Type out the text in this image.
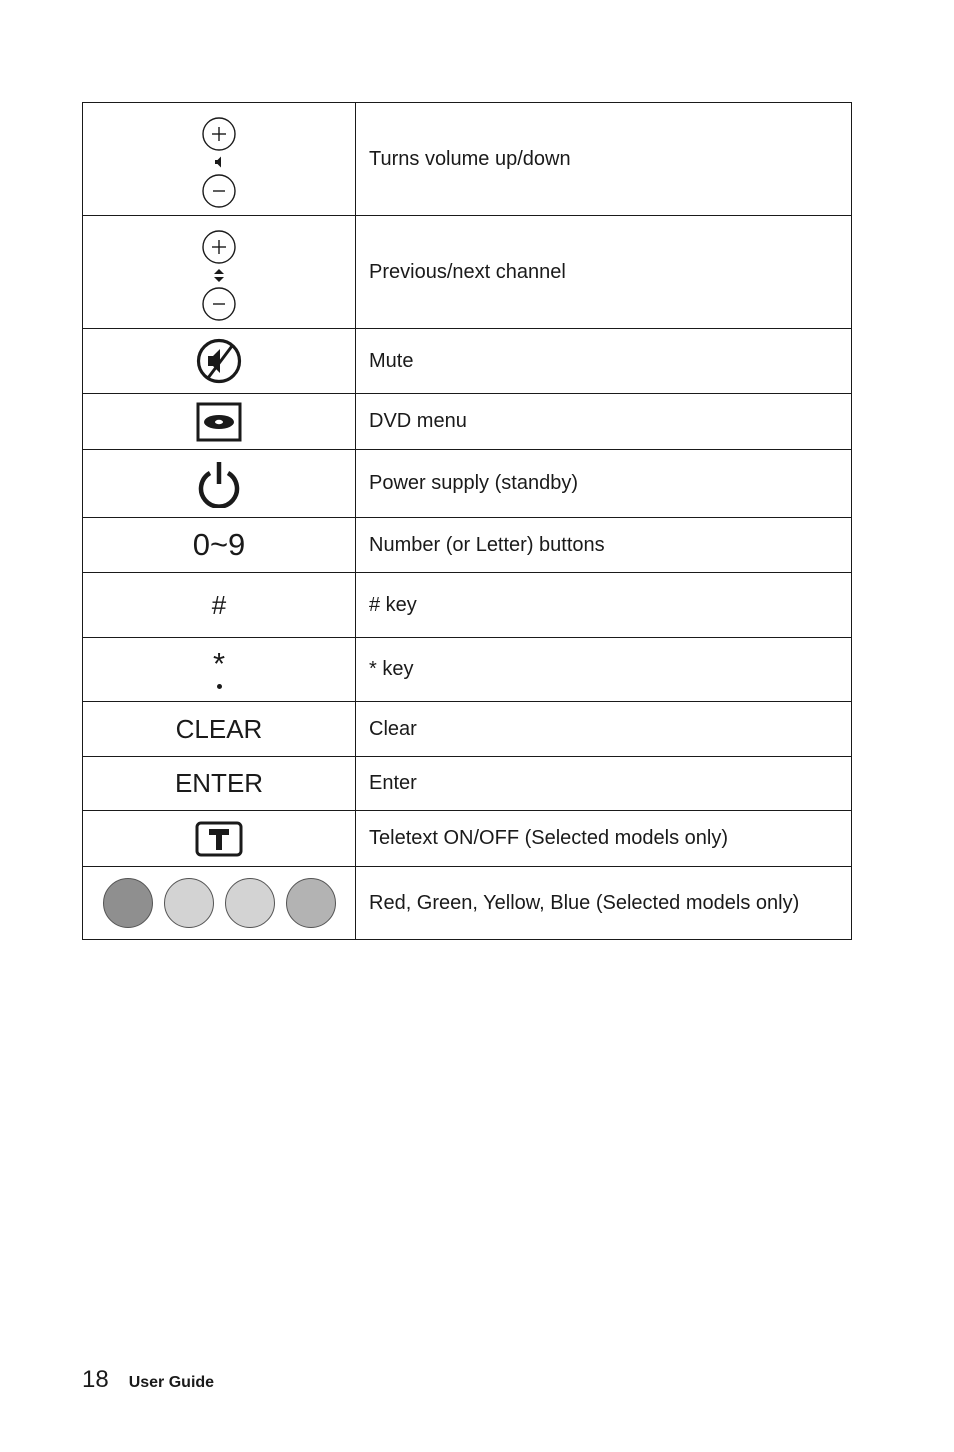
	Turns volume up/down

	Previous/next channel

	Mute

	DVD menu

	Power supply (standby)
0~9	Number (or Letter) buttons
#	# key

*	* key
CLEAR	Clear
ENTER	Enter

	Teletext ON/OFF (Selected models only)

	Red, Green, Yellow, Blue (Selected models only)
18 User Guide
